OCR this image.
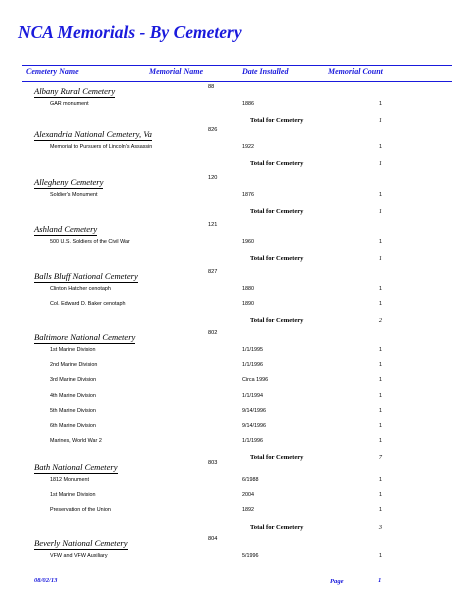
NCA Memorials - By Cemetery
Cemetery Name	Memorial Name	Date Installed	Memorial Count
Albany Rural Cemetery	88
GAR monument	1886	1
Total for Cemetery	1
Alexandria National Cemetery, Va	826
Memorial to Pursuers of Lincoln's Assassin	1922	1
Total for Cemetery	1
Allegheny Cemetery	120
Soldier's Monument	1876	1
Total for Cemetery	1
Ashland Cemetery	121
500 U.S. Soldiers of the Civil War	1960	1
Total for Cemetery	1
Balls Bluff National Cemetery	827
Clinton Hatcher cenotaph	1880	1
Col. Edward D. Baker cenotaph	1890	1
Total for Cemetery	2
Baltimore National Cemetery	802
1st Marine Division	1/1/1995	1
2nd Marine Division	1/1/1996	1
3rd Marine Division	Circa 1996	1
4th Marine Division	1/1/1994	1
5th Marine Division	9/14/1996	1
6th Marine Division	9/14/1996	1
Marines, World War 2	1/1/1996	1
Total for Cemetery	7
Bath National Cemetery	803
1812 Monument	6/1988	1
1st Marine Division	2004	1
Preservation of the Union	1892	1
Total for Cemetery	3
Beverly National Cemetery	804
VFW and VFW Auxiliary	5/1996	1
08/02/13	Page	1
